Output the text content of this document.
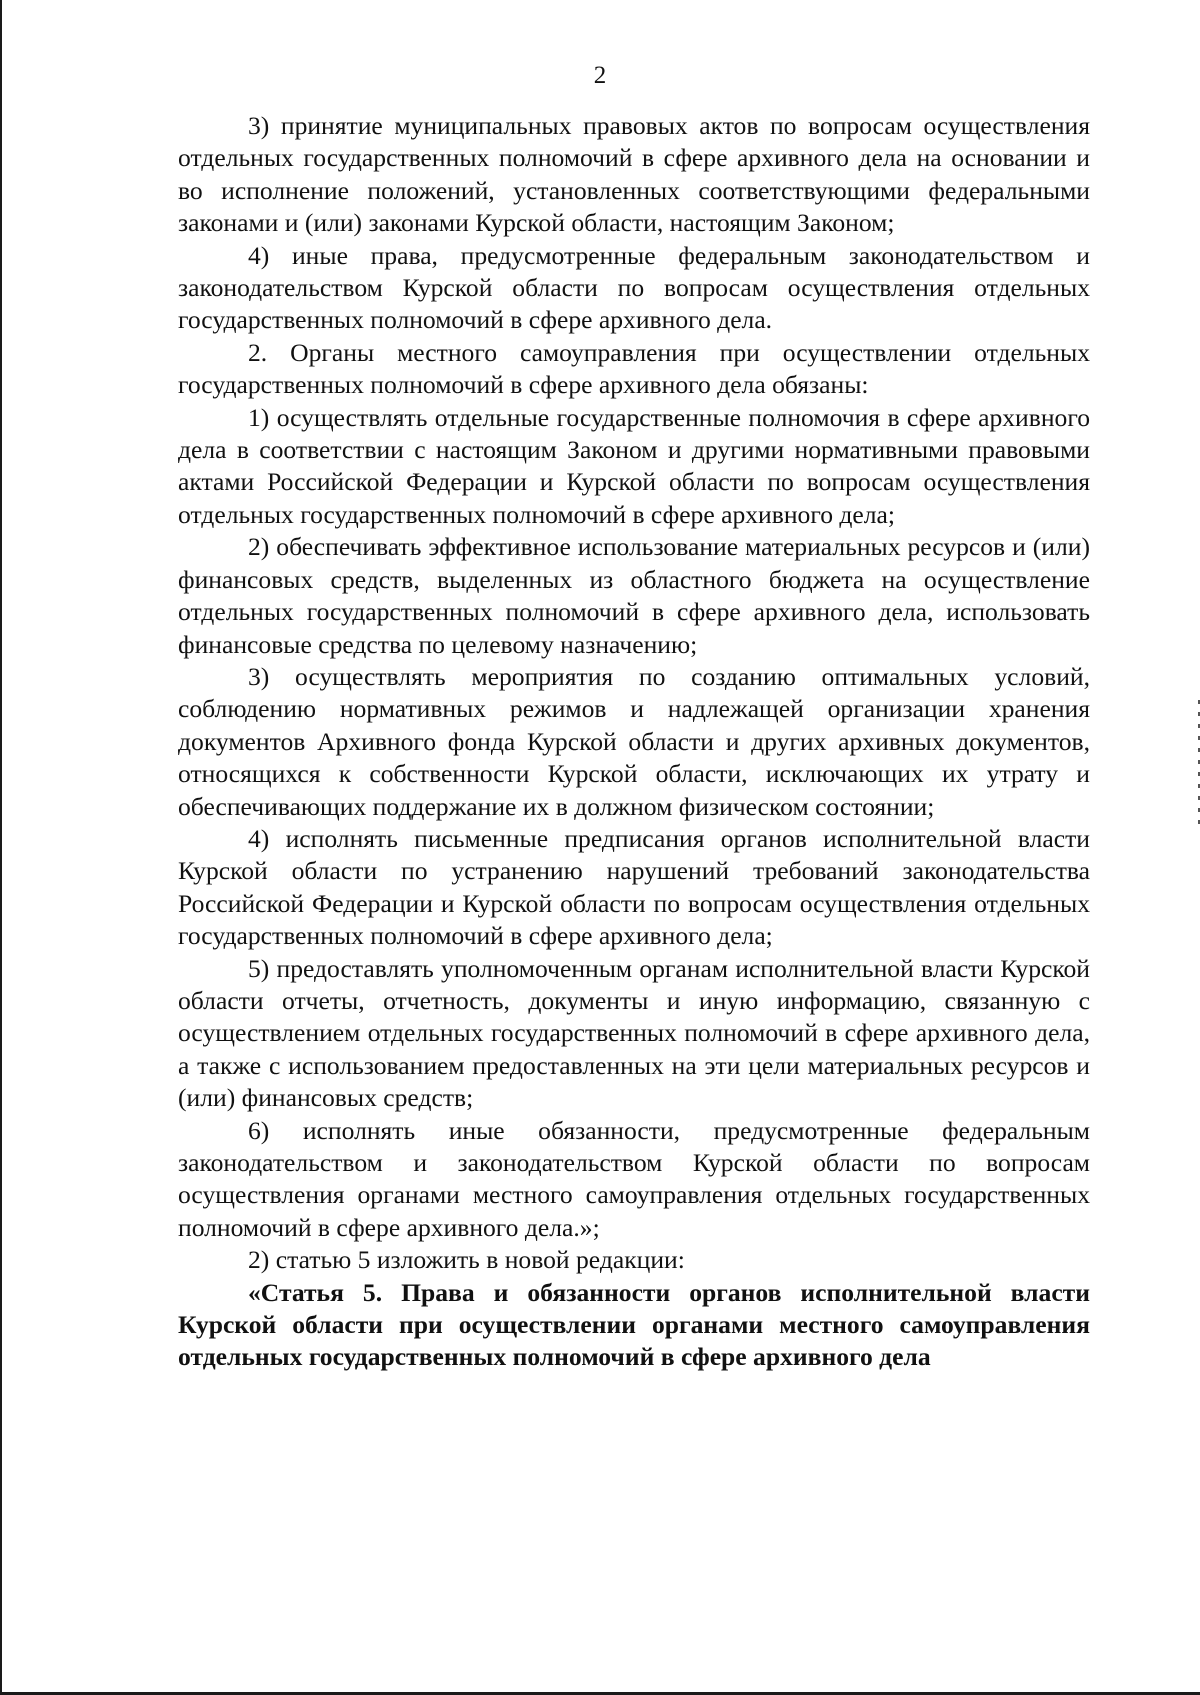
2

3) принятие муниципальных правовых актов по вопросам осуществления отдельных государственных полномочий в сфере архивного дела на основании и во исполнение положений, установленных соответствующими федеральными законами и (или) законами Курской области, настоящим Законом;

4) иные права, предусмотренные федеральным законодательством и законодательством Курской области по вопросам осуществления отдельных государственных полномочий в сфере архивного дела.

2. Органы местного самоуправления при осуществлении отдельных государственных полномочий в сфере архивного дела обязаны:

1) осуществлять отдельные государственные полномочия в сфере архивного дела в соответствии с настоящим Законом и другими нормативными правовыми актами Российской Федерации и Курской области по вопросам осуществления отдельных государственных полномочий в сфере архивного дела;

2) обеспечивать эффективное использование материальных ресурсов и (или) финансовых средств, выделенных из областного бюджета на осуществление отдельных государственных полномочий в сфере архивного дела, использовать финансовые средства по целевому назначению;

3) осуществлять мероприятия по созданию оптимальных условий, соблюдению нормативных режимов и надлежащей организации хранения документов Архивного фонда Курской области и других архивных документов, относящихся к собственности Курской области, исключающих их утрату и обеспечивающих поддержание их в должном физическом состоянии;

4) исполнять письменные предписания органов исполнительной власти Курской области по устранению нарушений требований законодательства Российской Федерации и Курской области по вопросам осуществления отдельных государственных полномочий в сфере архивного дела;

5) предоставлять уполномоченным органам исполнительной власти Курской области отчеты, отчетность, документы и иную информацию, связанную с осуществлением отдельных государственных полномочий в сфере архивного дела, а также с использованием предоставленных на эти цели материальных ресурсов и (или) финансовых средств;

6) исполнять иные обязанности, предусмотренные федеральным законодательством и законодательством Курской области по вопросам осуществления органами местного самоуправления отдельных государственных полномочий в сфере архивного дела.»;

2) статью 5 изложить в новой редакции:

«Статья 5. Права и обязанности органов исполнительной власти Курской области при осуществлении органами местного самоуправления отдельных государственных полномочий в сфере архивного дела
